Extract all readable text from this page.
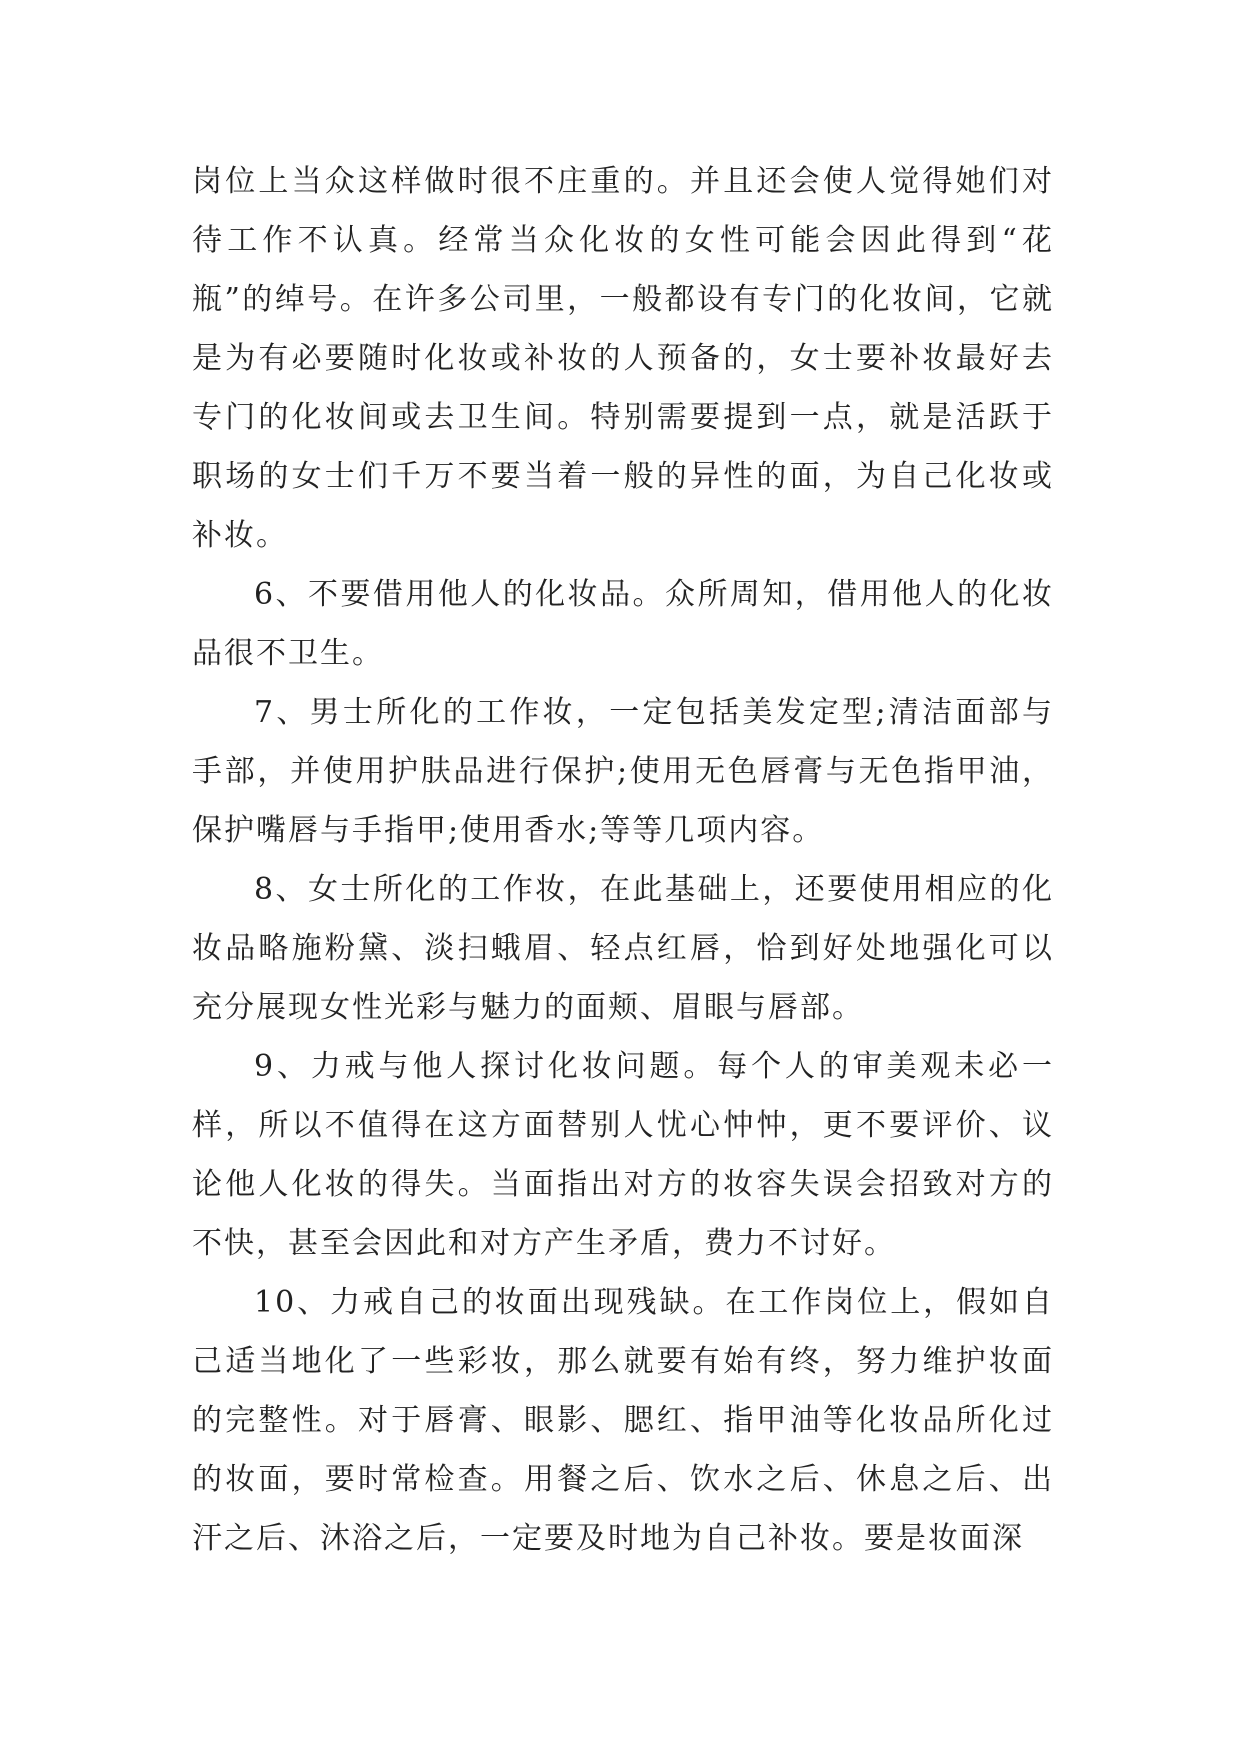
岗位上当众这样做时很不庄重的。并且还会使人觉得她们对待工作不认真。经常当众化妆的女性可能会因此得到“花瓶”的绰号。在许多公司里，一般都设有专门的化妆间，它就是为有必要随时化妆或补妆的人预备的，女士要补妆最好去专门的化妆间或去卫生间。特别需要提到一点，就是活跃于职场的女士们千万不要当着一般的异性的面，为自己化妆或补妆。

6、不要借用他人的化妆品。众所周知，借用他人的化妆品很不卫生。

7、男士所化的工作妆，一定包括美发定型;清洁面部与手部，并使用护肤品进行保护;使用无色唇膏与无色指甲油，保护嘴唇与手指甲;使用香水;等等几项内容。

8、女士所化的工作妆，在此基础上，还要使用相应的化妆品略施粉黛、淡扫蛾眉、轻点红唇，恰到好处地强化可以充分展现女性光彩与魅力的面颊、眉眼与唇部。

9、力戒与他人探讨化妆问题。每个人的审美观未必一样，所以不值得在这方面替别人忧心忡忡，更不要评价、议论他人化妆的得失。当面指出对方的妆容失误会招致对方的不快，甚至会因此和对方产生矛盾，费力不讨好。

10、力戒自己的妆面出现残缺。在工作岗位上，假如自己适当地化了一些彩妆，那么就要有始有终，努力维护妆面的完整性。对于唇膏、眼影、腮红、指甲油等化妆品所化过的妆面，要时常检查。用餐之后、饮水之后、休息之后、出汗之后、沐浴之后，一定要及时地为自己补妆。要是妆面深
